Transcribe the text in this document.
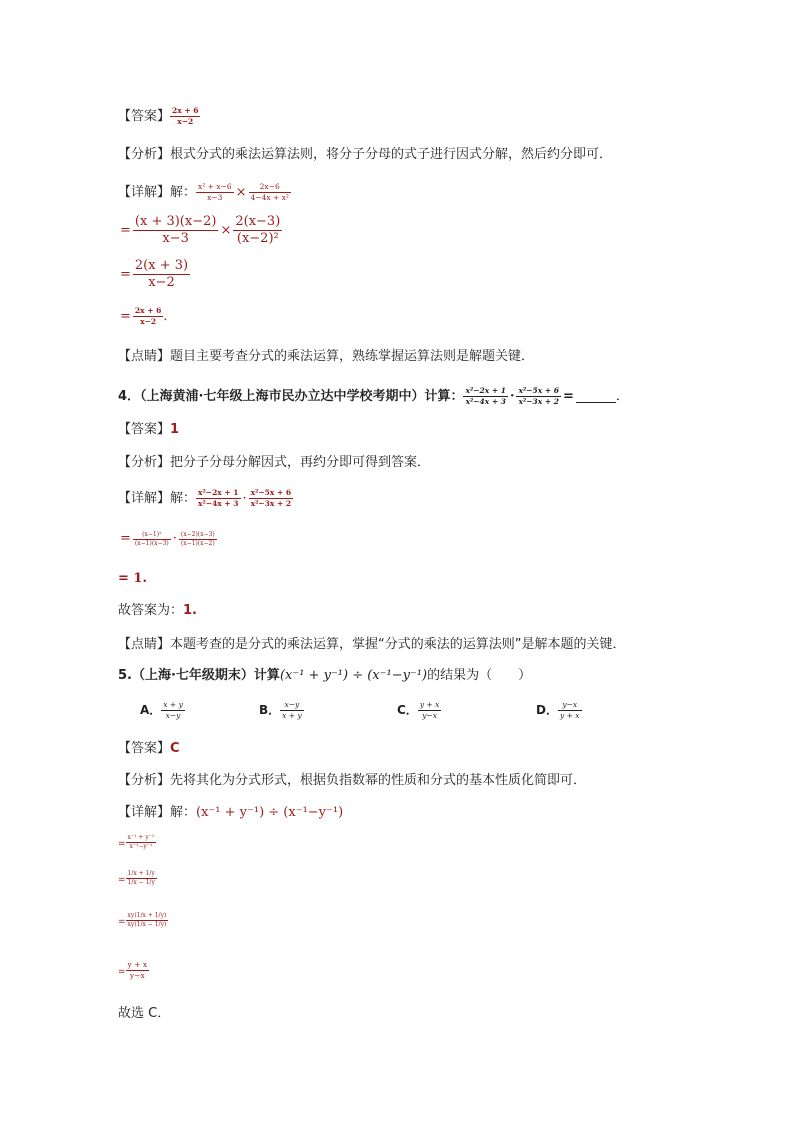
【答案】 $\frac{2x + 6}{x-2}$
【分析】根式分式的乘法运算法则，将分子分母的式子进行因式分解，然后约分即可．
【详解】解： $\frac{\text{x² + x−6}}{x-3} \times \frac{2x-6}{\text{4−4x + x²}}$
= $\frac{(x + 3)(x-2)}{x-3} \times \frac{2(x-3)}{\text{(x−2)²}}$
= $\frac{2(x + 3)}{x-2}$
= $\frac{2x + 6}{x-2}$ ．
【点睛】题目主要考查分式的乘法运算，熟练掌握运算法则是解题关键．
4．（上海黄浦·七年级上海市民办立达中学校考期中）计算： $\frac{\text{x²−2x + 1}}{\text{x²−4x + 3}} \cdot \frac{\text{x²−5x + 6}}{\text{x²−3x + 2}}$ =	．
【答案】1
【分析】把分子分母分解因式，再约分即可得到答案．
【详解】解： $\frac{\text{x²−2x + 1}}{\text{x²−4x + 3}} \cdot \frac{\text{x²−5x + 6}}{\text{x²−3x + 2}}$
= $\frac{\text{(x−1)²}}{(x-1)(x-3)} \cdot \frac{(x-2)(x-3)}{(x-1)(x-2)}$
= 1.
故答案为：1.
【点睛】本题考查的是分式的乘法运算，掌握“分式的乘法的运算法则”是解本题的关键．
5.（上海·七年级期末）计算(x⁻¹ + y⁻¹) ÷ (x⁻¹−y⁻¹)的结果为（　　）
A． $\frac{x + y}{x-y}$	B． $\frac{x-y}{x + y}$	C． $\frac{y + x}{y-x}$	D． $\frac{y-x}{y + x}$
【答案】C
【分析】先将其化为分式形式，根据负指数幂的性质和分式的基本性质化简即可．
【详解】解：(x⁻¹ + y⁻¹) ÷ (x⁻¹−y⁻¹)
= $\frac{\text{x⁻¹ + y⁻¹}}{\text{x⁻¹−y⁻¹}}$
= $\frac{1/x + 1/y}{1/x - 1/y}$
= $\frac{xy(1/x + 1/y)}{xy(1/x - 1/y)}$
= $\frac{y + x}{y-x}$
故选 C．
